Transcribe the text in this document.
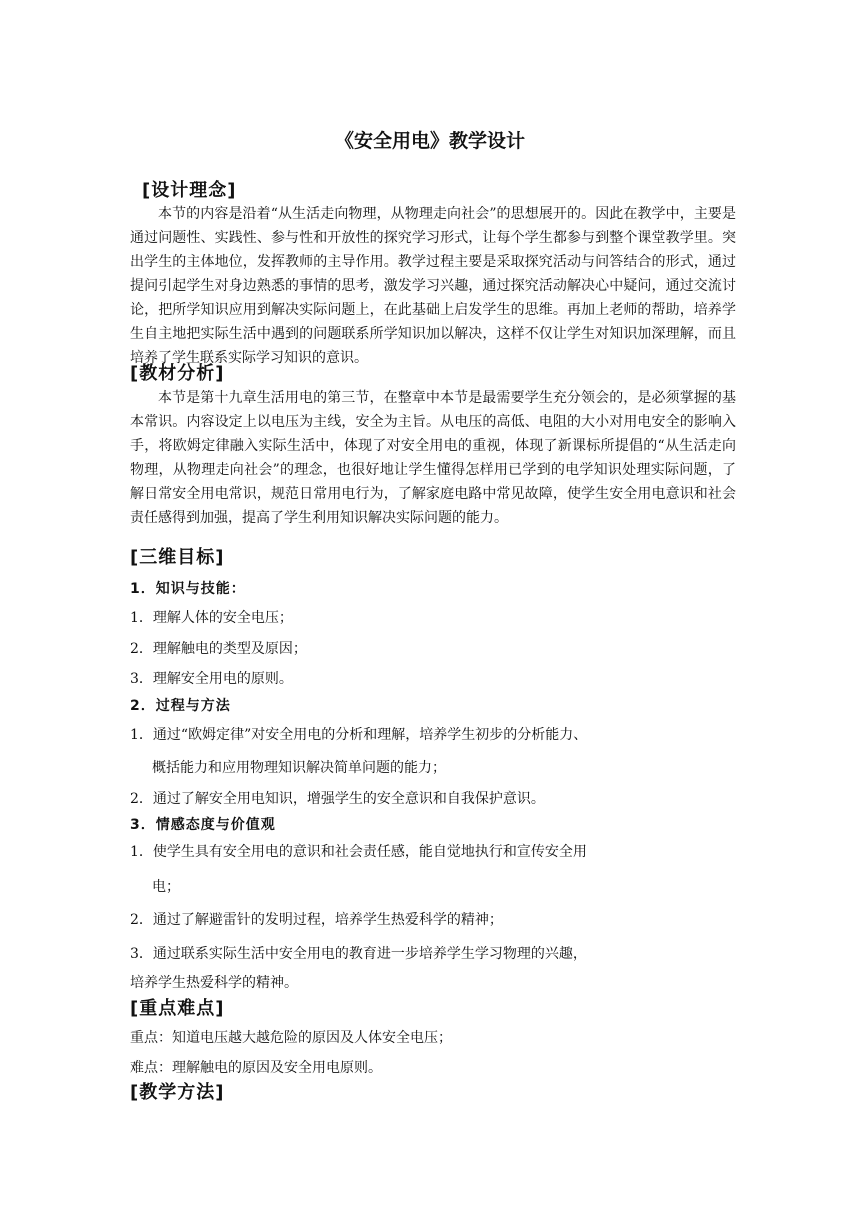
《安全用电》教学设计
[设计理念]

本节的内容是沿着“从生活走向物理，从物理走向社会”的思想展开的。因此在教学中，主要是通过问题性、实践性、参与性和开放性的探究学习形式，让每个学生都参与到整个课堂教学里。突出学生的主体地位，发挥教师的主导作用。教学过程主要是采取探究活动与问答结合的形式，通过提问引起学生对身边熟悉的事情的思考，激发学习兴趣，通过探究活动解决心中疑问，通过交流讨论，把所学知识应用到解决实际问题上，在此基础上启发学生的思维。再加上老师的帮助，培养学生自主地把实际生活中遇到的问题联系所学知识加以解决，这样不仅让学生对知识加深理解，而且培养了学生联系实际学习知识的意识。

[教材分析]

本节是第十九章生活用电的第三节，在整章中本节是最需要学生充分领会的，是必须掌握的基本常识。内容设定上以电压为主线，安全为主旨。从电压的高低、电阻的大小对用电安全的影响入手，将欧姆定律融入实际生活中，体现了对安全用电的重视，体现了新课标所提倡的“从生活走向物理，从物理走向社会”的理念，也很好地让学生懂得怎样用已学到的电学知识处理实际问题，了解日常安全用电常识，规范日常用电行为，了解家庭电路中常见故障，使学生安全用电意识和社会责任感得到加强，提高了学生利用知识解决实际问题的能力。

[三维目标]
1．知识与技能：
1．理解人体的安全电压；
2．理解触电的类型及原因；
3．理解安全用电的原则。
2．过程与方法
1．通过“欧姆定律”对安全用电的分析和理解，培养学生初步的分析能力、
概括能力和应用物理知识解决简单问题的能力；
2．通过了解安全用电知识，增强学生的安全意识和自我保护意识。
3．情感态度与价值观
1．使学生具有安全用电的意识和社会责任感，能自觉地执行和宣传安全用
电；
2．通过了解避雷针的发明过程，培养学生热爱科学的精神；
3．通过联系实际生活中安全用电的教育进一步培养学生学习物理的兴趣，
培养学生热爱科学的精神。
[重点难点]
重点：知道电压越大越危险的原因及人体安全电压；
难点：理解触电的原因及安全用电原则。
[教学方法]
